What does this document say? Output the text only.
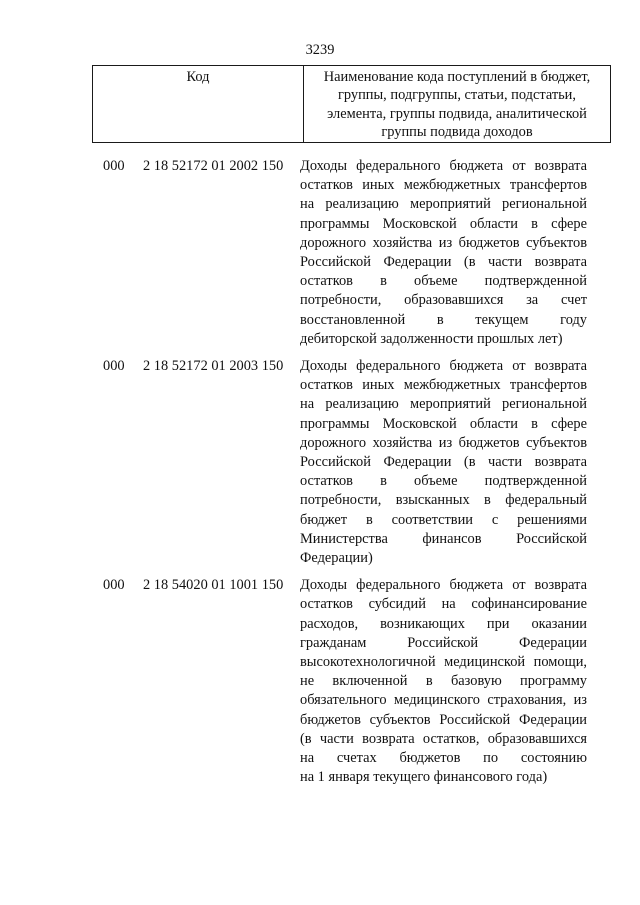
3239
Код	Наименование кода поступлений в бюджет,
группы, подгруппы, статьи, подстатьи,
элемента, группы подвида, аналитической
группы подвида доходов
000 2 18 52172 01 2002 150 Доходы федерального бюджета от возврата
остатков иных межбюджетных трансфертов
на реализацию мероприятий региональной
программы Московской области в сфере
дорожного хозяйства из бюджетов субъектов
Российской Федерации (в части возврата
остатков в объеме подтвержденной
потребности, образовавшихся за счет
восстановленной в текущем году
дебиторской задолженности прошлых лет)
000 2 18 52172 01 2003 150 Доходы федерального бюджета от возврата
остатков иных межбюджетных трансфертов
на реализацию мероприятий региональной
программы Московской области в сфере
дорожного хозяйства из бюджетов субъектов
Российской Федерации (в части возврата
остатков в объеме подтвержденной
потребности, взысканных в федеральный
бюджет в соответствии с решениями
Министерства финансов Российской
Федерации)
000 2 18 54020 01 1001 150 Доходы федерального бюджета от возврата
остатков субсидий на софинансирование
расходов, возникающих при оказании
гражданам Российской Федерации
высокотехнологичной медицинской помощи,
не включенной в базовую программу
обязательного медицинского страхования, из
бюджетов субъектов Российской Федерации
(в части возврата остатков, образовавшихся
на счетах бюджетов по состоянию
на 1 января текущего финансового года)
